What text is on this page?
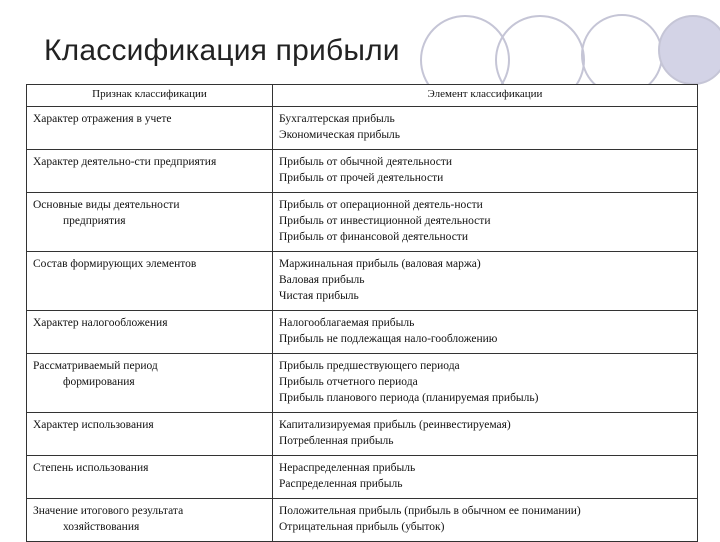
Классификация прибыли
Признак классификации	Элемент классификации

Характер отражения в учете	Бухгалтерская прибыль
Экономическая прибыль

Характер деятельно-сти предприятия	Прибыль от обычной деятельности
Прибыль от прочей деятельности

Основные виды деятельности
предприятия	Прибыль от операционной деятель-ности
Прибыль от инвестиционной деятельности
Прибыль от финансовой деятельности

Состав формирующих элементов	Маржинальная прибыль (валовая маржа)
Валовая прибыль
Чистая прибыль

Характер налогообложения	Налогооблагаемая прибыль
Прибыль не подлежащая нало-гообложению

Рассматриваемый период
формирования	Прибыль предшествующего периода
Прибыль отчетного периода
Прибыль планового периода (планируемая прибыль)

Характер использования	Капитализируемая прибыль (реинвестируемая)
Потребленная прибыль

Степень использования	Нераспределенная прибыль
Распределенная прибыль

Значение итогового результата
хозяйствования	Положительная прибыль (прибыль в обычном ее понимании)
Отрицательная прибыль (убыток)
